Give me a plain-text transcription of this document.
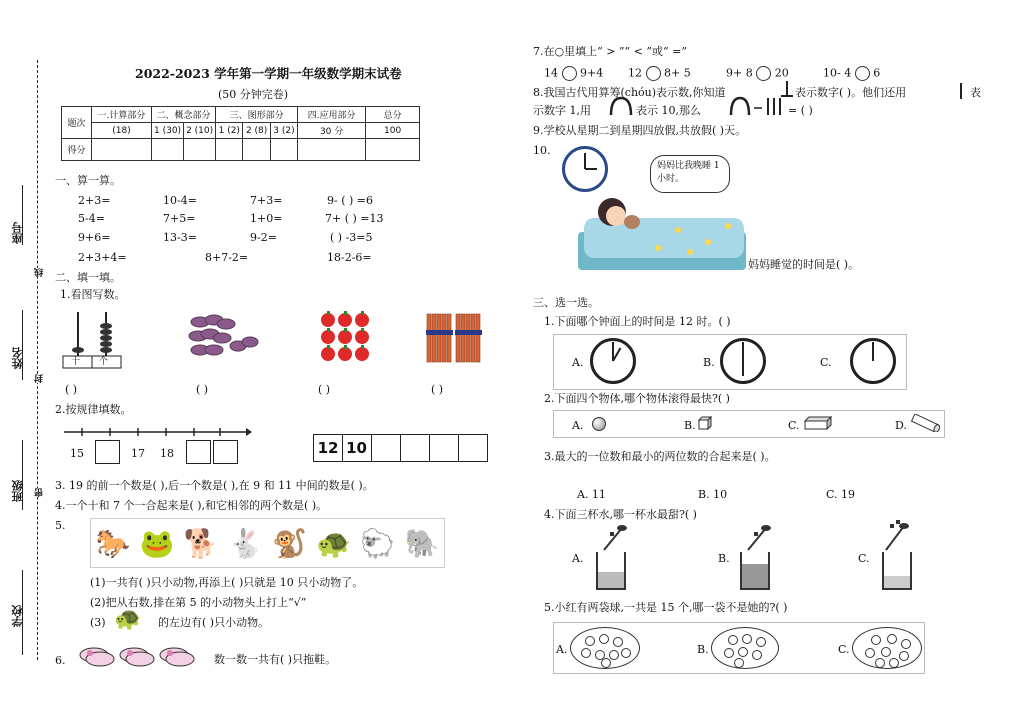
座号
姓名
班级
学校
线
封
密
2022-2023 学年第一学期一年级数学期末试卷
(50 分钟完卷)
题次	一.计算部分	二、概念部分		三、图形部分			四.应用部分	总分
	(18)	1 (30)	2 (10)	1 (2)	2 (8)	3 (2)	30 分	100
得分								
一、算一算。
2+3=	10-4=	7+3=	9- ( ) =6
5-4=	7+5=	1+0=	7+ ( ) =13
9+6=	13-3=	9-2=	( ) -3=5
2+3+4=	8+7-2=	18-2-6=
二、填一填。
1.看图写数。
十 个
( )	( )	( )	( )
2.按规律填数。
15	17 18	12 10
3. 19 的前一个数是( ),后一个数是( ),在 9 和 11 中间的数是( )。
4.一个十和 7 个一合起来是( ),和它相邻的两个数是( )。
5.
🐎 🐸 🐕 🐇 🐒 🐢 🐑 🐘
(1)一共有( )只小动物,再添上( )只就是 10 只小动物了。
(2)把从右数,排在第 5 的小动物头上打上“√”
(3) 🐢 的左边有( )只小动物。
6.	数一数一共有( )只拖鞋。
7.在○里填上“ > ”“ < ”或“ =”
14 9+4 12 8+ 5	9+ 8 20	10- 4 6
8.我国古代用算筹(chóu)表示数,你知道	表示数字( )。他们还用	表
示数字 1,用	表示 10,那么	= ( )
9.学校从星期二到星期四放假,共放假( )天。
10.
妈妈比我晚睡 1 小时。
妈妈睡觉的时间是( )。
三、选一选。
1.下面哪个钟面上的时间是 12 时。( )
A.	B.	C.
2.下面四个物体,哪个物体滚得最快?( )
A.	B.	C.	D.
3.最大的一位数和最小的两位数的合起来是( )。
A. 11	B. 10	C. 19
4.下面三杯水,哪一杯水最甜?( )
A.	B.	C.
5.小红有两袋球,一共是 15 个,哪一袋不是她的?( )
A.	B.	C.
